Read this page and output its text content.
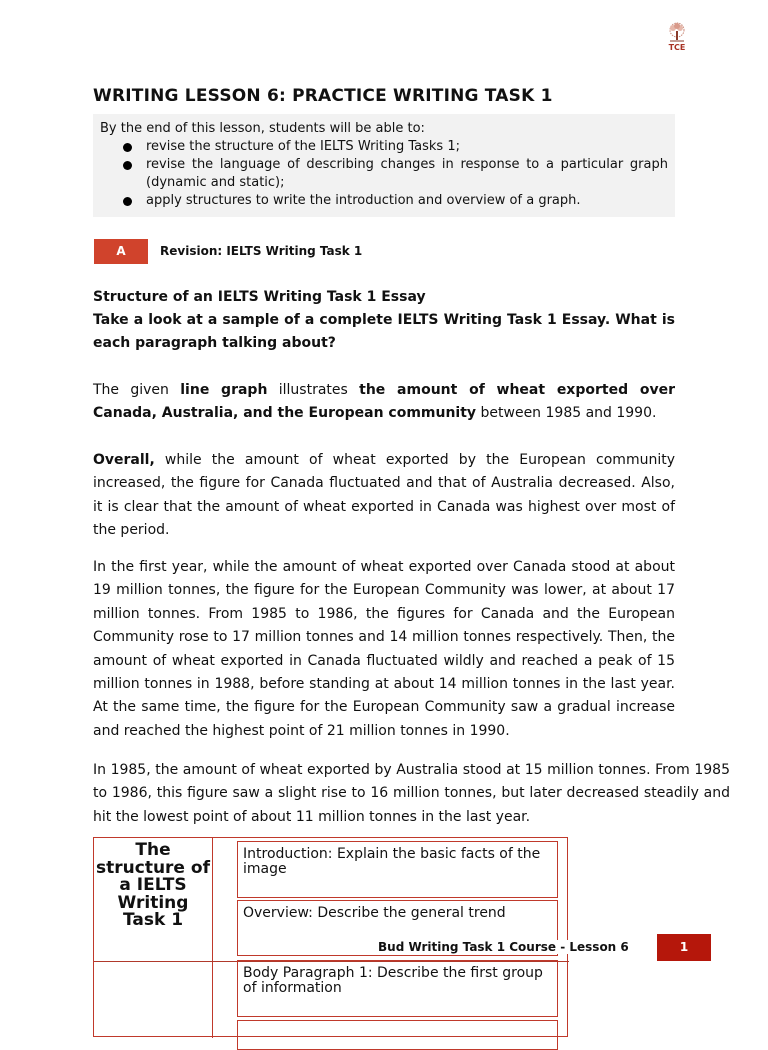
TCE

WRITING LESSON 6: PRACTICE WRITING TASK 1

By the end of this lesson, students will be able to:

revise the structure of the IELTS Writing Tasks 1;
revise the language of describing changes in response to a particular graph (dynamic and static);
apply structures to write the introduction and overview of a graph.
A	Revision: IELTS Writing Task 1

Structure of an IELTS Writing Task 1 Essay

Take a look at a sample of a complete IELTS Writing Task 1 Essay. What is each paragraph talking about?

The given line graph illustrates the amount of wheat exported over Canada, Australia, and the European community between 1985 and 1990.

Overall, while the amount of wheat exported by the European community increased, the figure for Canada fluctuated and that of Australia decreased. Also, it is clear that the amount of wheat exported in Canada was highest over most of the period.

In the first year, while the amount of wheat exported over Canada stood at about 19 million tonnes, the figure for the European Community was lower, at about 17 million tonnes. From 1985 to 1986, the figures for Canada and the European Community rose to 17 million tonnes and 14 million tonnes respectively. Then, the amount of wheat exported in Canada fluctuated wildly and reached a peak of 15 million tonnes in 1988, before standing at about 14 million tonnes in the last year. At the same time, the figure for the European Community saw a gradual increase and reached the highest point of 21 million tonnes in 1990.

In 1985, the amount of wheat exported by Australia stood at 15 million tonnes. From 1985 to 1986, this figure saw a slight rise to 16 million tonnes, but later decreased steadily and hit the lowest point of about 11 million tonnes in the last year.

The structure of a IELTS Writing Task 1
Introduction: Explain the basic facts of the image
Overview: Describe the general trend
Body Paragraph 1: Describe the first group of information
Bud Writing Task 1 Course - Lesson 6	1
